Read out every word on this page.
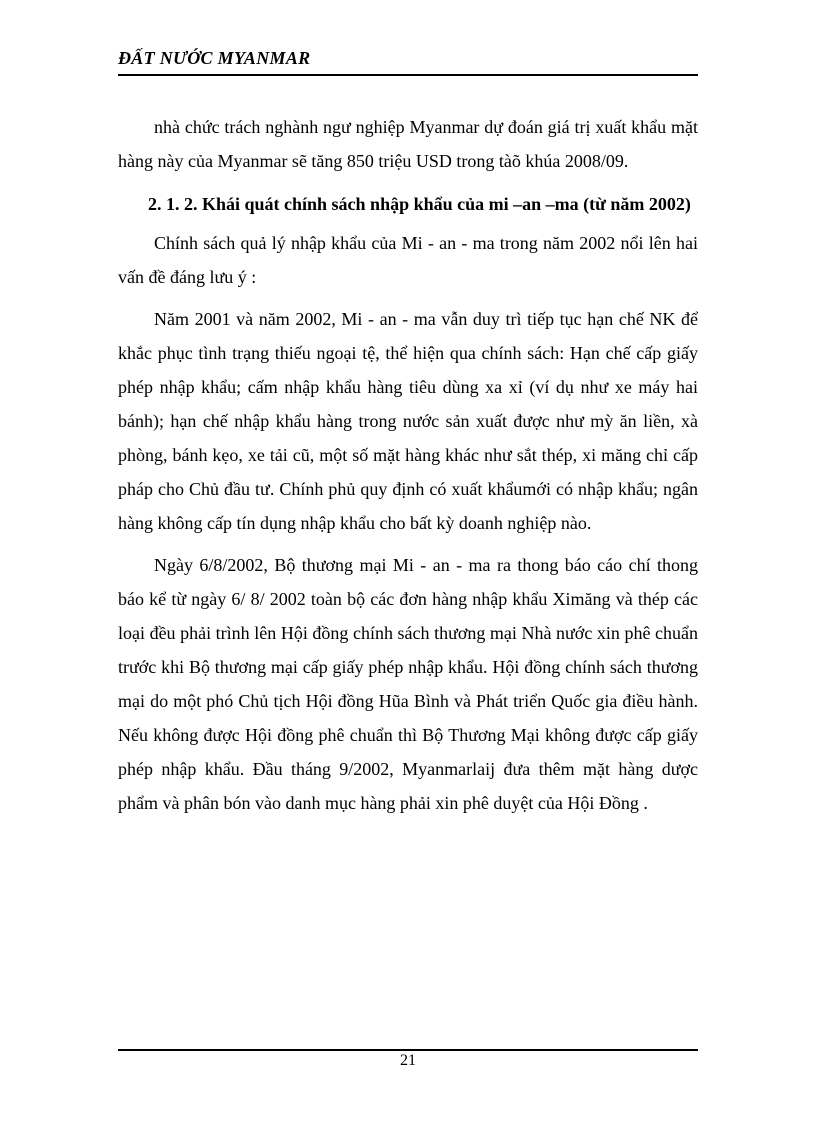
ĐẤT NƯỚC MYANMAR

nhà chức trách nghành ngư nghiệp Myanmar dự đoán giá trị xuất khẩu mặt hàng này của Myanmar sẽ tăng 850 triệu USD trong tàõ khúa 2008/09.

2. 1. 2. Khái quát chính sách nhập khẩu của mi –an –ma (từ năm 2002)

Chính sách quả lý nhập khẩu của Mi - an - ma trong năm 2002 nổi lên hai vấn đề đáng lưu ý :

Năm 2001 và năm 2002, Mi - an - ma vẫn duy trì tiếp tục hạn chế NK để khắc phục tình trạng thiếu ngoại tệ, thể hiện qua chính sách: Hạn chế cấp giấy phép nhập khẩu; cấm nhập khẩu hàng tiêu dùng xa xỉ (ví dụ như xe máy hai bánh); hạn chế nhập khẩu hàng trong nước sản xuất được như mỳ ăn liền, xà phòng, bánh kẹo, xe tải cũ, một số mặt hàng khác như sắt thép, xi măng chỉ cấp pháp cho Chủ đầu tư. Chính phủ quy định có xuất khẩumới có nhập khẩu; ngân hàng không cấp tín dụng nhập khẩu cho bất kỳ doanh nghiệp nào.

Ngày 6/8/2002, Bộ thương mại Mi - an - ma ra thong báo cáo chí thong báo kể từ ngày 6/ 8/ 2002 toàn bộ các đơn hàng nhập khẩu Ximăng và thép các loại đều phải trình lên Hội đồng chính sách thương mại Nhà nước xin phê chuẩn trước khi Bộ thương mại cấp giấy phép nhập khẩu. Hội đồng chính sách thương mại do một phó Chủ tịch Hội đồng Hũa Bình và Phát triển Quốc gia điều hành. Nếu không được Hội đồng phê chuẩn thì Bộ Thương Mại không được cấp giấy phép nhập khẩu. Đầu tháng 9/2002, Myanmarlaij đưa thêm mặt hàng dược phẩm và phân bón vào danh mục hàng phải xin phê duyệt của Hội Đồng .

21
